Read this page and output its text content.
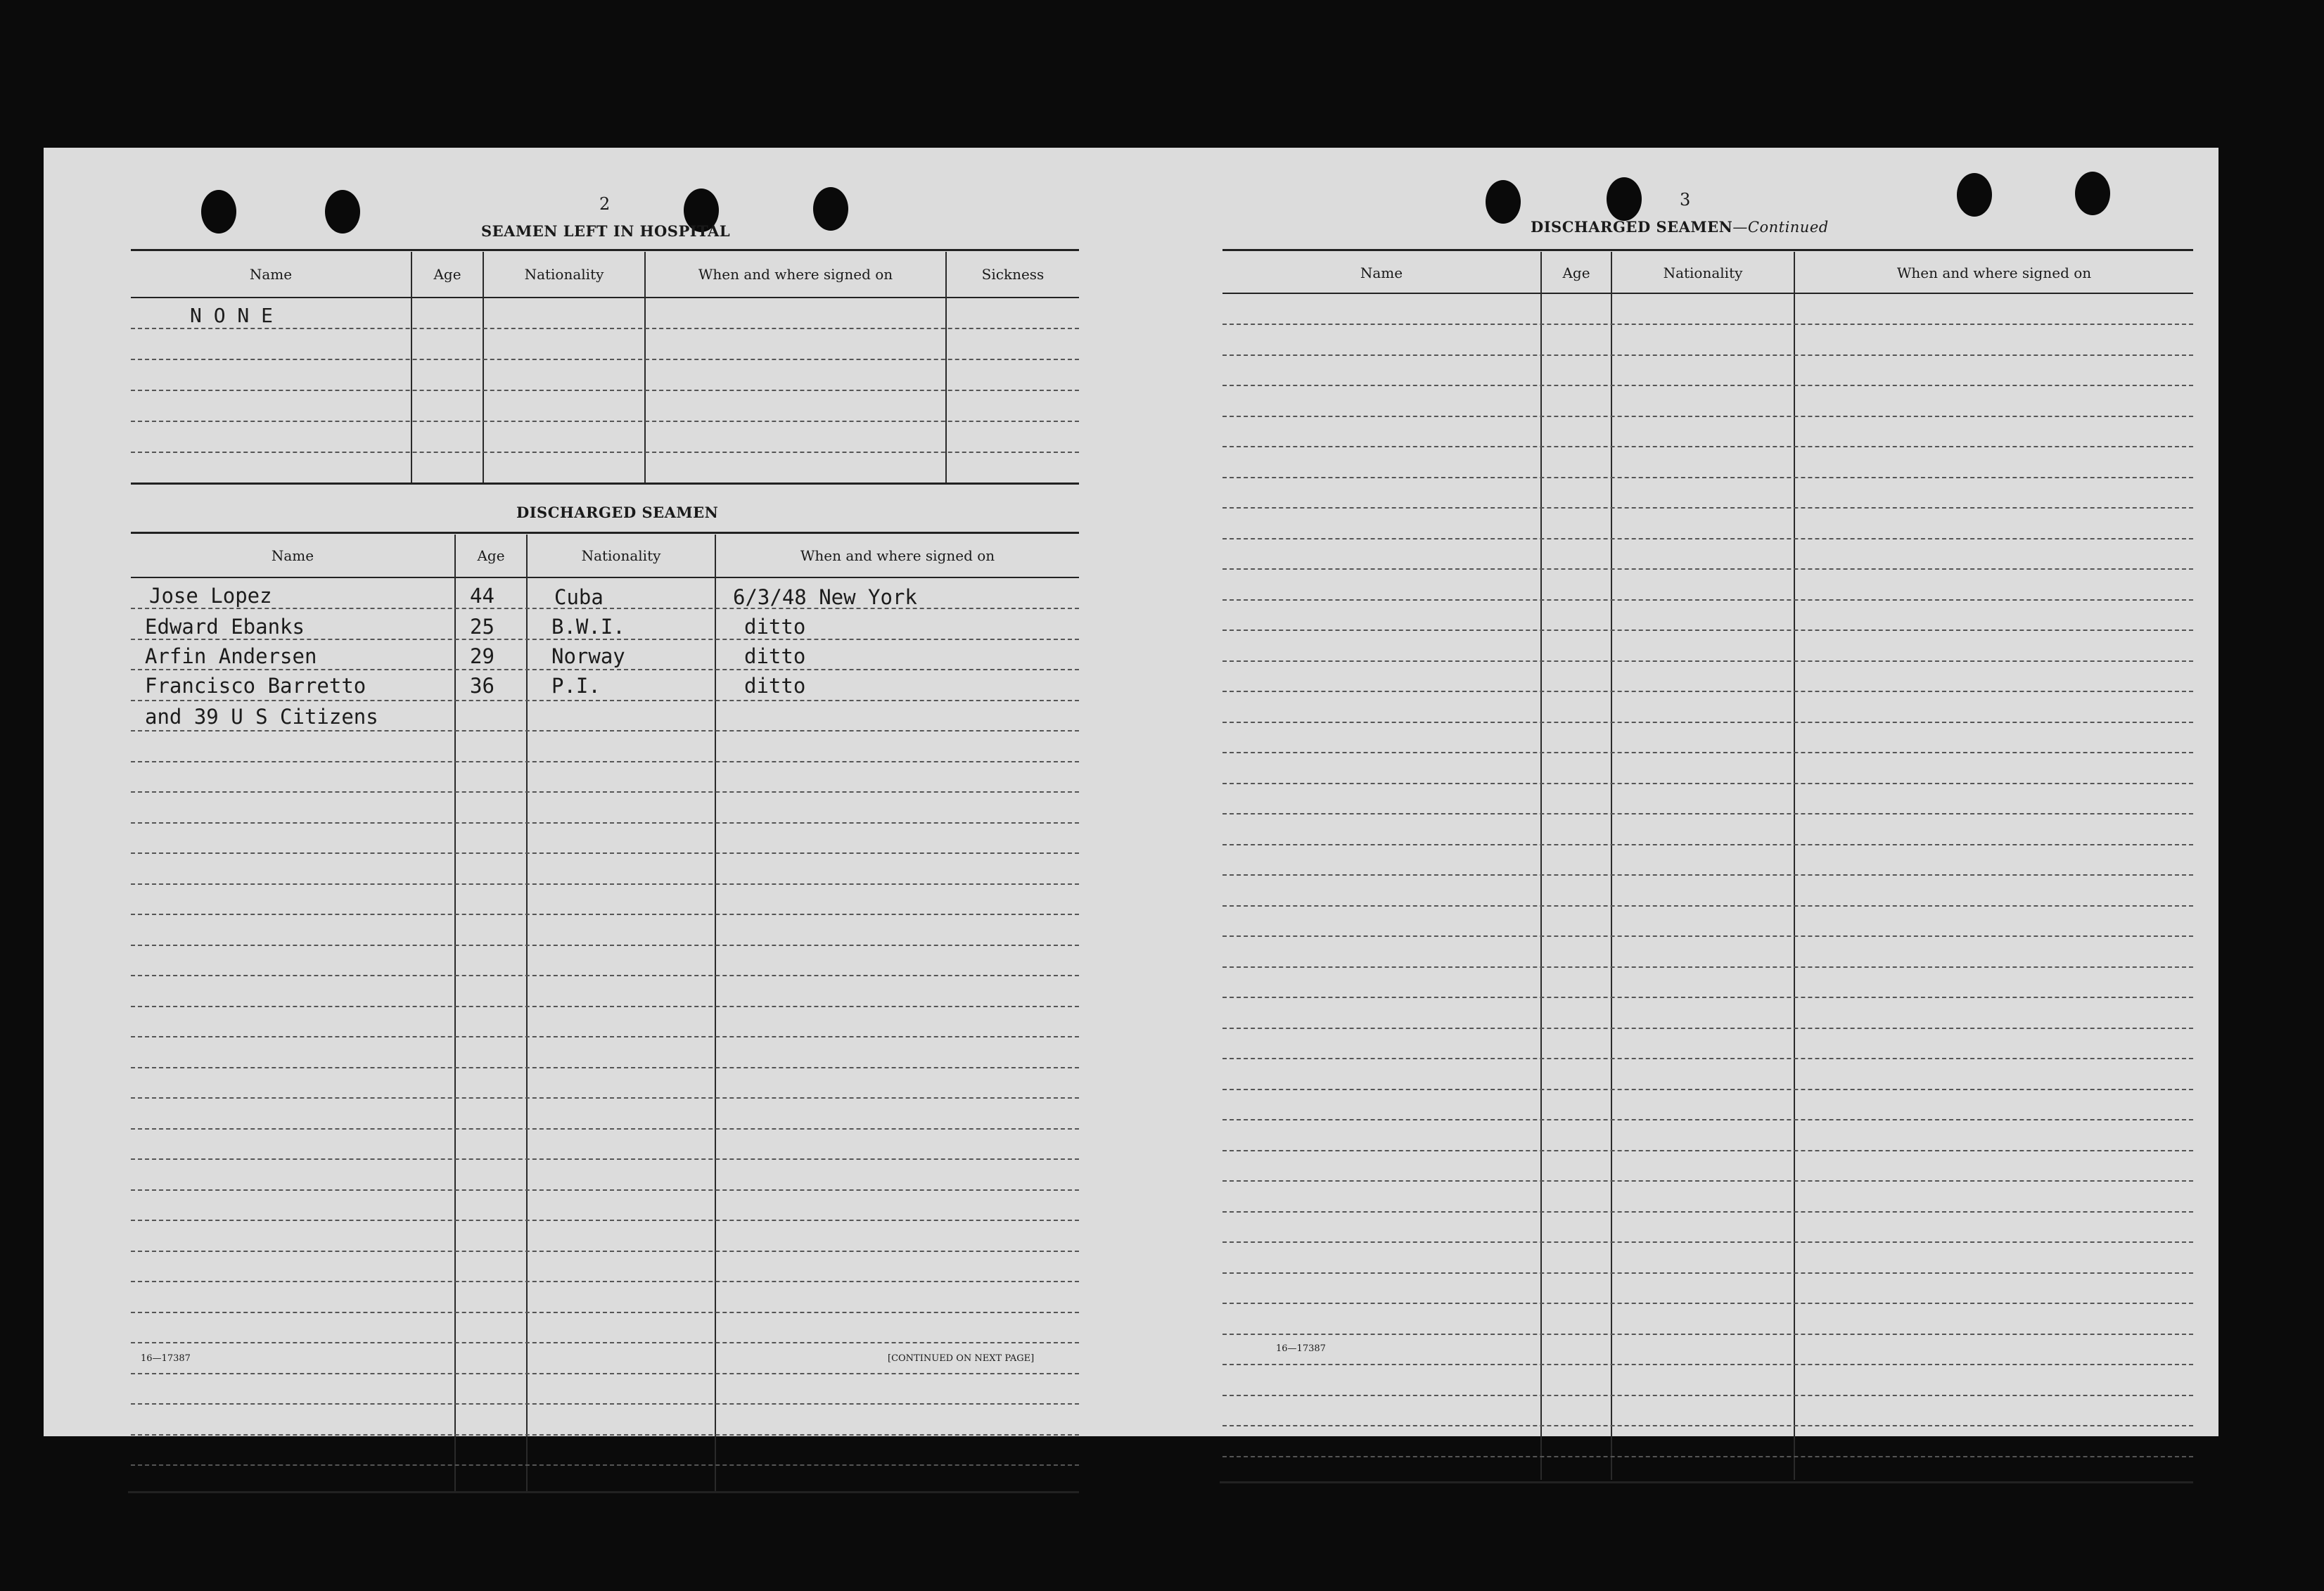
2
SEAMEN LEFT IN HOSPITAL
Name	Age	Nationality	When and where signed on	Sickness
N O N E
DISCHARGED SEAMEN
Name	Age	Nationality	When and where signed on
Jose Lopez	44	Cuba	6/3/48 New York
Edward Ebanks	25	B.W.I.	ditto
Arfin Andersen	29	Norway	ditto
Francisco Barretto	36	P.I.	ditto
and 39 U S Citizens
16—17387	[CONTINUED ON NEXT PAGE]
3
DISCHARGED SEAMEN—Continued
Name	Age	Nationality	When and where signed on
16—17387
